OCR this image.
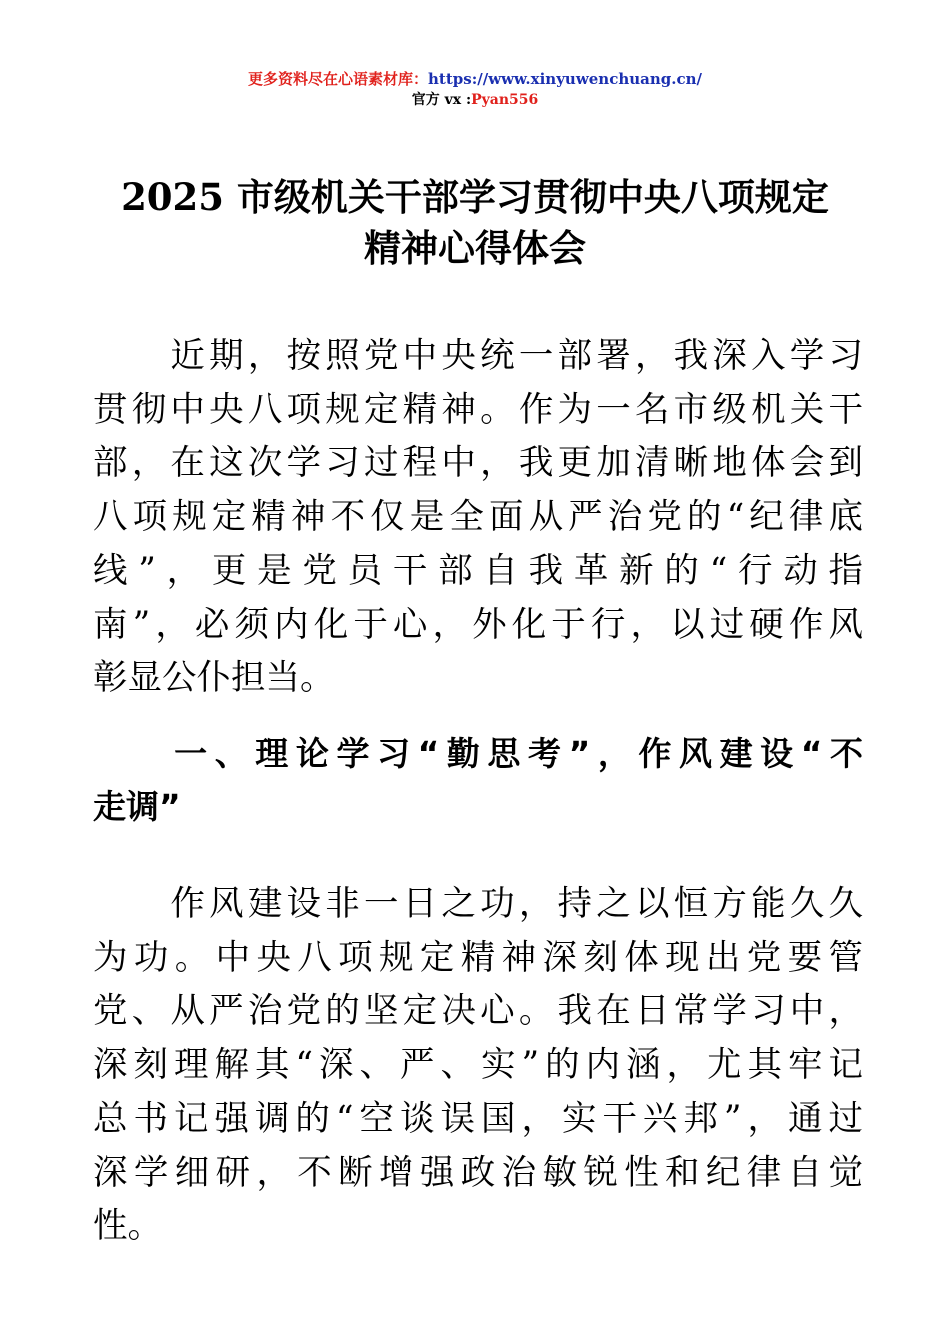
更多资料尽在心语素材库：https://www.xinyuwenchuang.cn/
官方 vx :Pyan556
2025 市级机关干部学习贯彻中央八项规定
精神心得体会

　　近期，按照党中央统一部署，我深入学习
贯彻中央八项规定精神。作为一名市级机关干
部，在这次学习过程中，我更加清晰地体会到
八项规定精神不仅是全面从严治党的“纪律底
线”，更是党员干部自我革新的“行动指
南”，必须内化于心，外化于行，以过硬作风
彰显公仆担当。

　　一、理论学习“勤思考”，作风建设“不
走调”

　　作风建设非一日之功，持之以恒方能久久
为功。中央八项规定精神深刻体现出党要管
党、从严治党的坚定决心。我在日常学习中，
深刻理解其“深、严、实”的内涵，尤其牢记
总书记强调的“空谈误国，实干兴邦”，通过
深学细研，不断增强政治敏锐性和纪律自觉
性。
